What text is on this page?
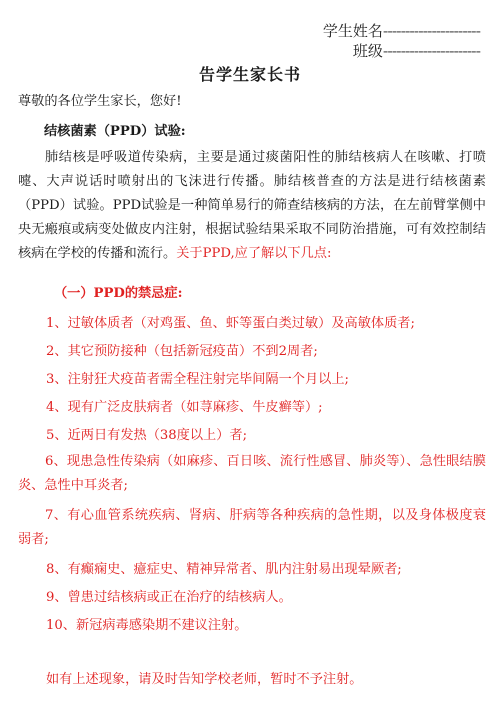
学生姓名----------------------
班级----------------------
告学生家长书

尊敬的各位学生家长，您好!

结核菌素（PPD）试验:

肺结核是呼吸道传染病，主要是通过痰菌阳性的肺结核病人在咳嗽、打喷嚏、大声说话时喷射出的飞沫进行传播。肺结核普查的方法是进行结核菌素（PPD）试验。PPD试验是一种简单易行的筛查结核病的方法，在左前臂掌侧中央无瘢痕或病变处做皮内注射，根据试验结果采取不同防治措施，可有效控制结核病在学校的传播和流行。关于PPD,应了解以下几点:

（一）PPD的禁忌症:

1、过敏体质者（对鸡蛋、鱼、虾等蛋白类过敏）及高敏体质者;

2、其它预防接种（包括新冠疫苗）不到2周者;

3、注射狂犬疫苗者需全程注射完毕间隔一个月以上;

4、现有广泛皮肤病者（如荨麻疹、牛皮癣等）;

5、近两日有发热（38度以上）者;

6、现患急性传染病（如麻疹、百日咳、流行性感冒、肺炎等）、急性眼结膜炎、急性中耳炎者;

7、有心血管系统疾病、肾病、肝病等各种疾病的急性期，以及身体极度衰弱者;

8、有癫痫史、癔症史、精神异常者、肌内注射易出现晕厥者;

9、曾患过结核病或正在治疗的结核病人。

10、新冠病毒感染期不建议注射。

如有上述现象，请及时告知学校老师，暂时不予注射。
